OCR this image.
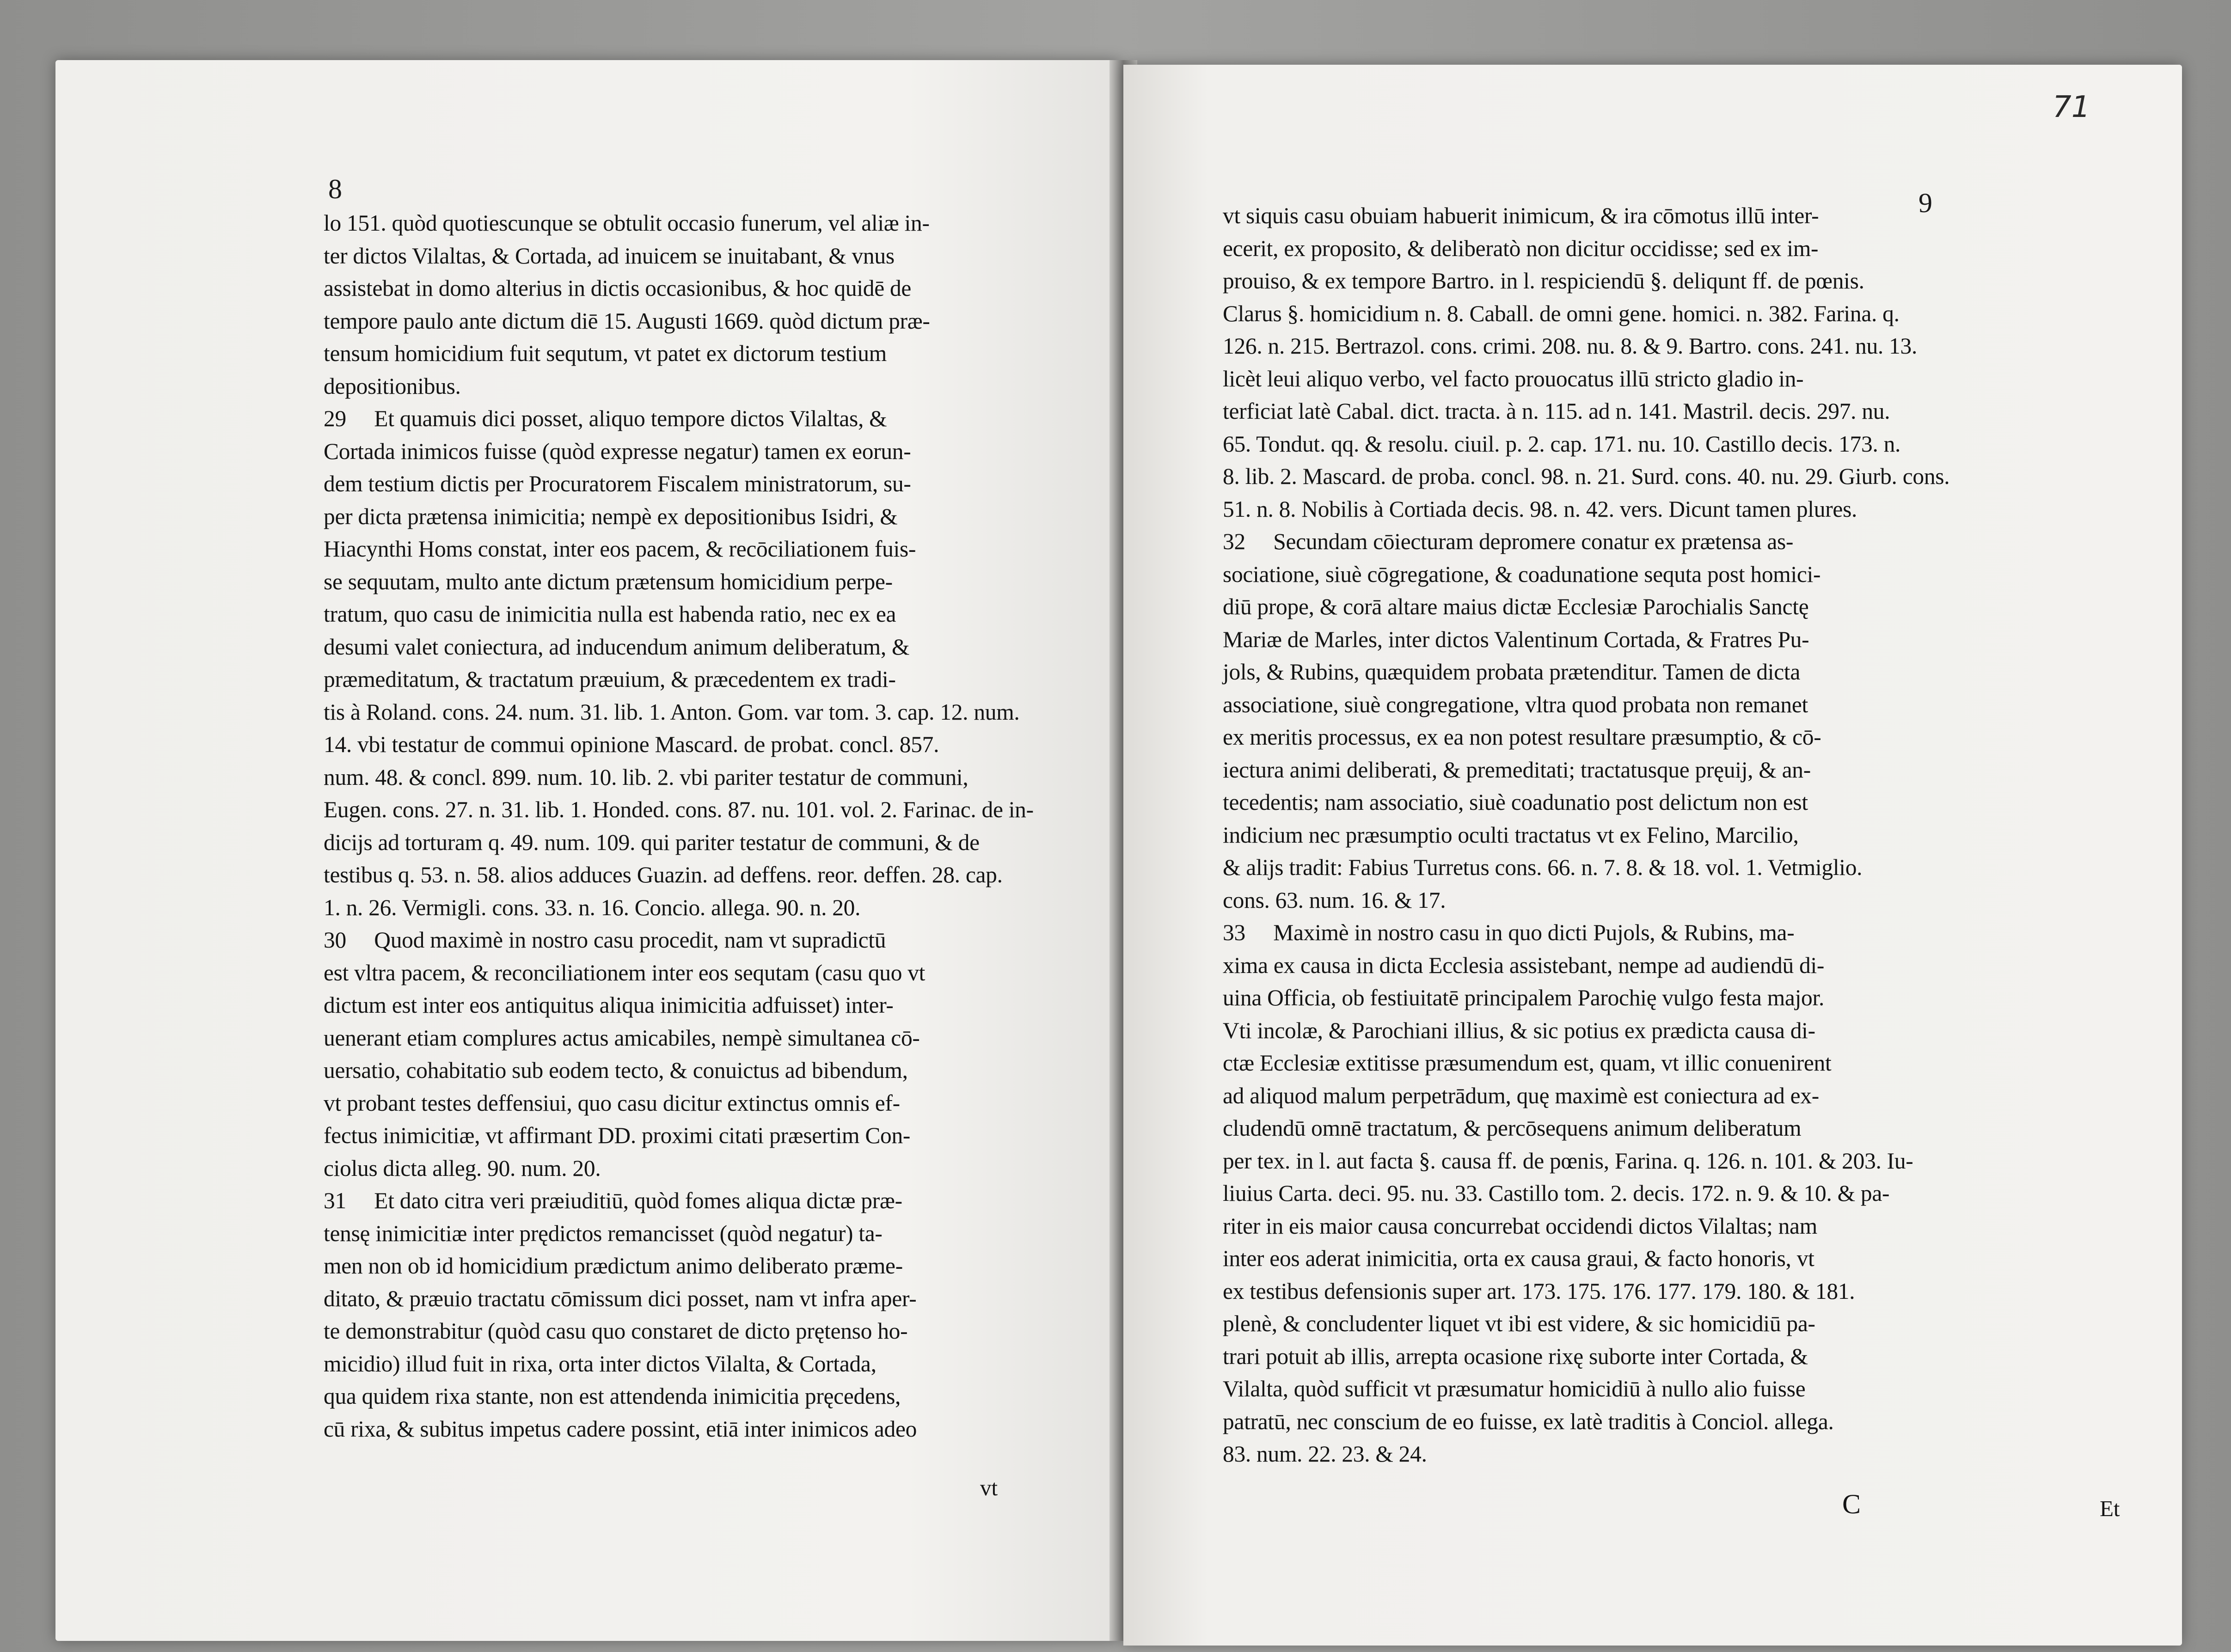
8
lo 151. quòd quotiescunque se obtulit occasio funerum, vel aliæ in-
ter dictos Vilaltas, & Cortada, ad inuicem se inuitabant, & vnus
assistebat in domo alterius in dictis occasionibus, & hoc quidē de
tempore paulo ante dictum diē 15. Augusti 1669. quòd dictum præ-
tensum homicidium fuit sequtum, vt patet ex dictorum testium
depositionibus.
29     Et quamuis dici posset, aliquo tempore dictos Vilaltas, &
Cortada inimicos fuisse (quòd expresse negatur) tamen ex eorun-
dem testium dictis per Procuratorem Fiscalem ministratorum, su-
per dicta prætensa inimicitia; nempè ex depositionibus Isidri, &
Hiacynthi Homs constat, inter eos pacem, & recōciliationem fuis-
se sequutam, multo ante dictum prætensum homicidium perpe-
tratum, quo casu de inimicitia nulla est habenda ratio, nec ex ea
desumi valet coniectura, ad inducendum animum deliberatum, &
præmeditatum, & tractatum præuium, & præcedentem ex tradi-
tis à Roland. cons. 24. num. 31. lib. 1. Anton. Gom. var tom. 3. cap. 12. num.
14. vbi testatur de commui opinione Mascard. de probat. concl. 857.
num. 48. & concl. 899. num. 10. lib. 2. vbi pariter testatur de communi,
Eugen. cons. 27. n. 31. lib. 1. Honded. cons. 87. nu. 101. vol. 2. Farinac. de in-
dicijs ad torturam q. 49. num. 109. qui pariter testatur de communi, & de
testibus q. 53. n. 58. alios adduces Guazin. ad deffens. reor. deffen. 28. cap.
1. n. 26. Vermigli. cons. 33. n. 16. Concio. allega. 90. n. 20.
30     Quod maximè in nostro casu procedit, nam vt supradictū
est vltra pacem, & reconciliationem inter eos sequtam (casu quo vt
dictum est inter eos antiquitus aliqua inimicitia adfuisset) inter-
uenerant etiam complures actus amicabiles, nempè simultanea cō-
uersatio, cohabitatio sub eodem tecto, & conuictus ad bibendum,
vt probant testes deffensiui, quo casu dicitur extinctus omnis ef-
fectus inimicitiæ, vt affirmant DD. proximi citati præsertim Con-
ciolus dicta alleg. 90. num. 20.
31     Et dato citra veri præiuditiū, quòd fomes aliqua dictæ præ-
tensę inimicitiæ inter prędictos remancisset (quòd negatur) ta-
men non ob id homicidium prædictum animo deliberato præme-
ditato, & præuio tractatu cōmissum dici posset, nam vt infra aper-
te demonstrabitur (quòd casu quo constaret de dicto prętenso ho-
micidio) illud fuit in rixa, orta inter dictos Vilalta, & Cortada,
qua quidem rixa stante, non est attendenda inimicitia pręcedens,
cū rixa, & subitus impetus cadere possint, etiā inter inimicos adeo
vt
71
9
vt siquis casu obuiam habuerit inimicum, & ira cōmotus illū inter-
ecerit, ex proposito, & deliberatò non dicitur occidisse; sed ex im-
prouiso, & ex tempore Bartro. in l. respiciendū §. deliqunt ff. de pœnis.
Clarus §. homicidium n. 8. Caball. de omni gene. homici. n. 382. Farina. q.
126. n. 215. Bertrazol. cons. crimi. 208. nu. 8. & 9. Bartro. cons. 241. nu. 13.
licèt leui aliquo verbo, vel facto prouocatus illū stricto gladio in-
terficiat latè Cabal. dict. tracta. à n. 115. ad n. 141. Mastril. decis. 297. nu.
65. Tondut. qq. & resolu. ciuil. p. 2. cap. 171. nu. 10. Castillo decis. 173. n.
8. lib. 2. Mascard. de proba. concl. 98. n. 21. Surd. cons. 40. nu. 29. Giurb. cons.
51. n. 8. Nobilis à Cortiada decis. 98. n. 42. vers. Dicunt tamen plures.
32     Secundam cōiecturam depromere conatur ex prætensa as-
sociatione, siuè cōgregatione, & coadunatione sequta post homici-
diū prope, & corā altare maius dictæ Ecclesiæ Parochialis Sanctę
Mariæ de Marles, inter dictos Valentinum Cortada, & Fratres Pu-
jols, & Rubins, quæquidem probata prætenditur. Tamen de dicta
associatione, siuè congregatione, vltra quod probata non remanet
ex meritis processus, ex ea non potest resultare præsumptio, & cō-
iectura animi deliberati, & premeditati; tractatusque pręuij, & an-
tecedentis; nam associatio, siuè coadunatio post delictum non est
indicium nec præsumptio oculti tractatus vt ex Felino, Marcilio,
& alijs tradit: Fabius Turretus cons. 66. n. 7. 8. & 18. vol. 1. Vetmiglio.
cons. 63. num. 16. & 17.
33     Maximè in nostro casu in quo dicti Pujols, & Rubins, ma-
xima ex causa in dicta Ecclesia assistebant, nempe ad audiendū di-
uina Officia, ob festiuitatē principalem Parochię vulgo festa major.
Vti incolæ, & Parochiani illius, & sic potius ex prædicta causa di-
ctæ Ecclesiæ extitisse præsumendum est, quam, vt illic conuenirent
ad aliquod malum perpetrādum, quę maximè est coniectura ad ex-
cludendū omnē tractatum, & percōsequens animum deliberatum
per tex. in l. aut facta §. causa ff. de pœnis, Farina. q. 126. n. 101. & 203. Iu-
liuius Carta. deci. 95. nu. 33. Castillo tom. 2. decis. 172. n. 9. & 10. & pa-
riter in eis maior causa concurrebat occidendi dictos Vilaltas; nam
inter eos aderat inimicitia, orta ex causa graui, & facto honoris, vt
ex testibus defensionis super art. 173. 175. 176. 177. 179. 180. & 181.
plenè, & concludenter liquet vt ibi est videre, & sic homicidiū pa-
trari potuit ab illis, arrepta ocasione rixę suborte inter Cortada, &
Vilalta, quòd sufficit vt præsumatur homicidiū à nullo alio fuisse
patratū, nec conscium de eo fuisse, ex latè traditis à Conciol. allega.
83. num. 22. 23. & 24.
C	Et
